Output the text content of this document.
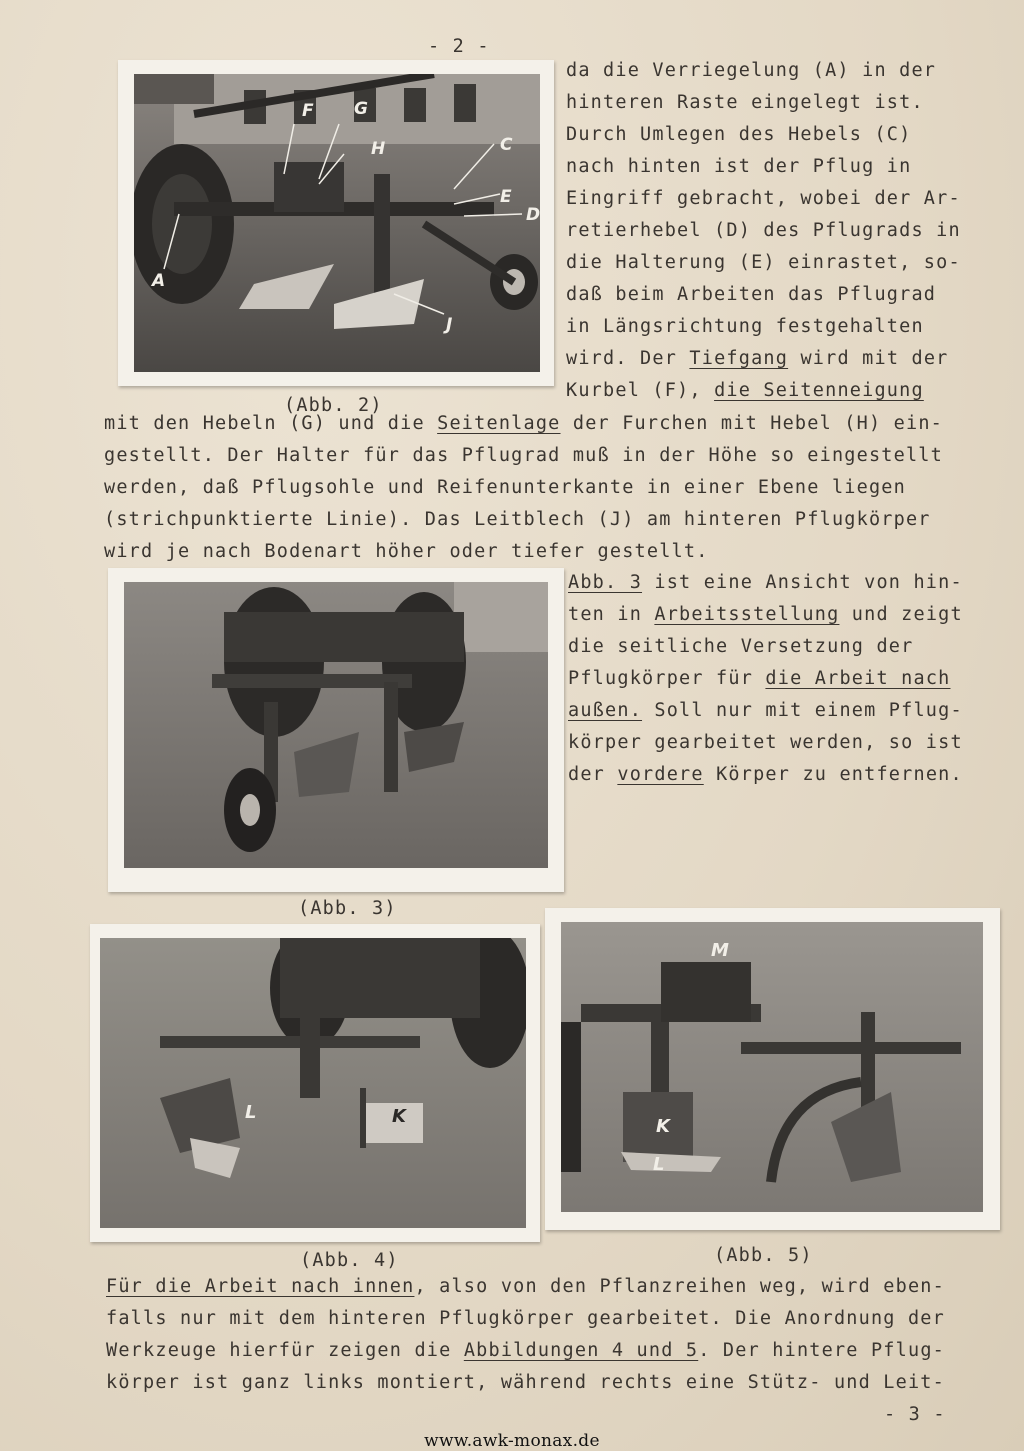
- 2 -
F G
H	C
E
D
A
J
da die Verriegelung (A) in der
hinteren Raste eingelegt ist.
Durch Umlegen des Hebels (C)
nach hinten ist der Pflug in
Eingriff gebracht, wobei der Ar-
retierhebel (D) des Pflugrads in
die Halterung (E) einrastet, so-
daß beim Arbeiten das Pflugrad
in Längsrichtung festgehalten
wird. Der Tiefgang wird mit der
Kurbel (F), die Seitenneigung
(Abb. 2)
mit den Hebeln (G) und die Seitenlage der Furchen mit Hebel (H) ein-
gestellt. Der Halter für das Pflugrad muß in der Höhe so eingestellt
werden, daß Pflugsohle und Reifenunterkante in einer Ebene liegen
(strichpunktierte Linie). Das Leitblech (J) am hinteren Pflugkörper
wird je nach Bodenart höher oder tiefer gestellt.
Abb. 3 ist eine Ansicht von hin-
ten in Arbeitsstellung und zeigt
die seitliche Versetzung der
Pflugkörper für die Arbeit nach
außen. Soll nur mit einem Pflug-
körper gearbeitet werden, so ist
der vordere Körper zu entfernen.
(Abb. 3)
L	K
M
K
L
(Abb. 4)	(Abb. 5)
Für die Arbeit nach innen, also von den Pflanzreihen weg, wird eben-
falls nur mit dem hinteren Pflugkörper gearbeitet. Die Anordnung der
Werkzeuge hierfür zeigen die Abbildungen 4 und 5. Der hintere Pflug-
körper ist ganz links montiert, während rechts eine Stütz- und Leit-
- 3 -
www.awk-monax.de
